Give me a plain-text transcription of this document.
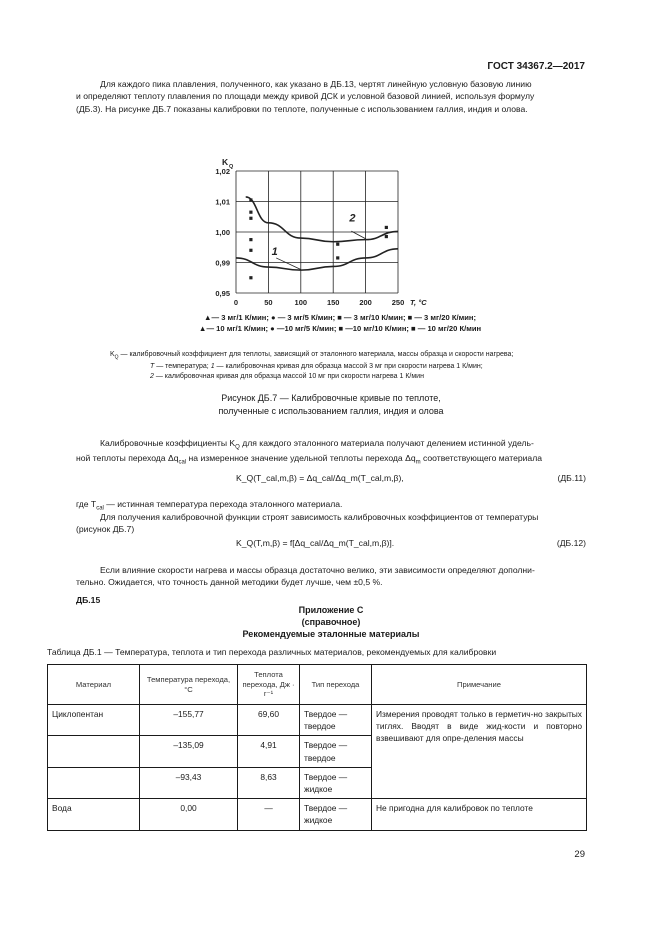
ГОСТ 34367.2—2017
Для каждого пика плавления, полученного, как указано в ДБ.13, чертят линейную условную базовую линию
и определяют теплоту плавления по площади между кривой ДСК и условной базовой линией, используя формулу
(ДБ.3). На рисунке ДБ.7 показаны калибровки по теплоте, полученные с использованием галлия, индия и олова.
0,95
0,99
1,00
1,01
1,02
0	50	100	150	200	250
K Q
T, °C
1
2
▲— 3 мг/1 К/мин; ● — 3 мг/5 К/мин; ■ — 3 мг/10 К/мин; ■ — 3 мг/20 К/мин;
▲— 10 мг/1 К/мин; ● —10 мг/5 К/мин; ■ —10 мг/10 К/мин; ■ — 10 мг/20 К/мин
$K_Q$ — калибровочный коэффициент для теплоты, зависящий от эталонного материала, массы образца и скорости нагрева;
T — температура; 1 — калибровочная кривая для образца массой 3 мг при скорости нагрева 1 К/мин;
2 — калибровочная кривая для образца массой 10 мг при скорости нагрева 1 К/мин
Рисунок ДБ.7 — Калибровочные кривые по теплоте,
полученные с использованием галлия, индия и олова
Калибровочные коэффициенты $K_Q$ для каждого эталонного материала получают делением истинной удель-
ной теплоты перехода $\Delta q_{cal}$ на измеренное значение удельной теплоты перехода $\Delta q_m$ соответствующего материала
K_Q(T_cal,m,β) = Δq_cal/Δq_m(T_cal,m,β),	(ДБ.11)
где $T_{cal}$ — истинная температура перехода эталонного материала.
Для получения калибровочной функции строят зависимость калибровочных коэффициентов от температуры
(рисунок ДБ.7)
K_Q(T,m,β) = f[Δq_cal/Δq_m(T_cal,m,β)].	(ДБ.12)
Если влияние скорости нагрева и массы образца достаточно велико, эти зависимости определяют дополни-
тельно. Ожидается, что точность данной методики будет лучше, чем ±0,5 %.
ДБ.15
Приложение С
(справочное)
Рекомендуемые эталонные материалы
Таблица ДБ.1 — Температура, теплота и тип перехода различных материалов, рекомендуемых для калибровки
Материал	Температура перехода,°С	Теплота перехода, Дж · г⁻¹	Тип перехода	Примечание
Циклопентан	–155,77	69,60	Твердое — твердое	Измерения проводят только в герметич-но закрытых тиглях. Вводят в виде жид-кости и повторно взвешивают для опре-деления массы
	–135,09	4,91	Твердое — твердое	
	–93,43	8,63	Твердое — жидкое	
Вода	0,00	—	Твердое — жидкое	Не пригодна для калибровок по теплоте
29
